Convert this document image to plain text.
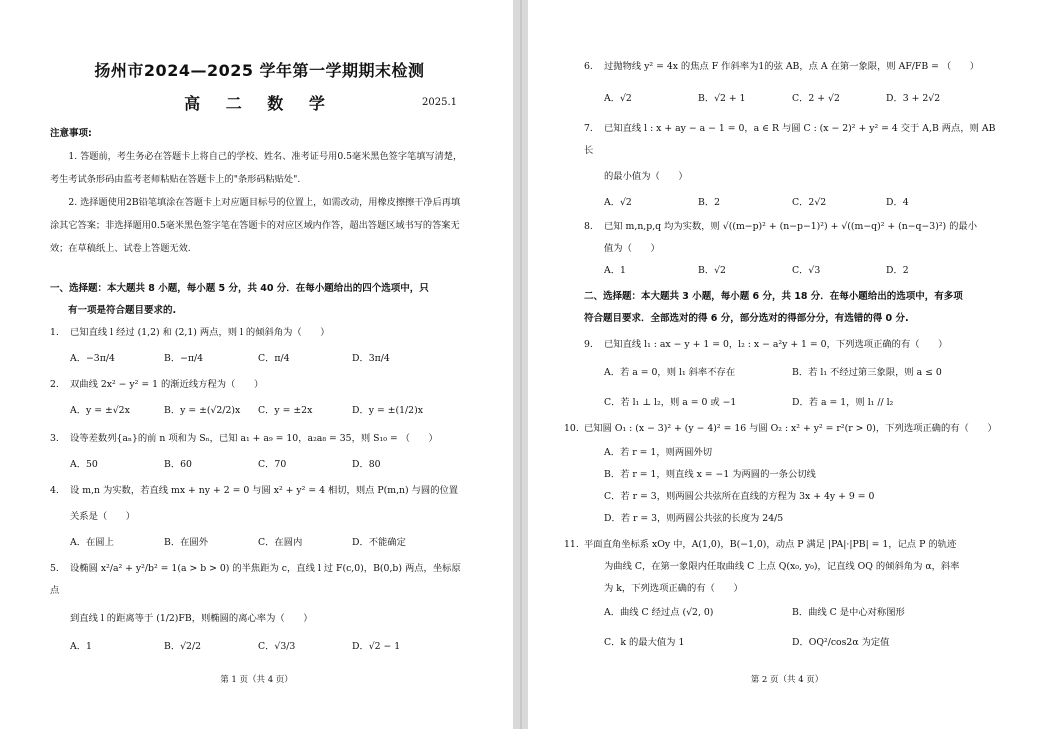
扬州市2024—2025 学年第一学期期末检测
高 二 数 学	2025.1
注意事项:

1. 答题前，考生务必在答题卡上将自己的学校、姓名、准考证号用0.5毫米黑色签字笔填写清楚，考生考试条形码由监考老师粘贴在答题卡上的"条形码粘贴处".

2. 选择题使用2B铅笔填涂在答题卡上对应题目标号的位置上，如需改动，用橡皮擦擦干净后再填涂其它答案；非选择题用0.5毫米黑色签字笔在答题卡的对应区域内作答，超出答题区域书写的答案无效；在草稿纸上、试卷上答题无效.

一、选择题：本大题共 8 小题，每小题 5 分，共 40 分．在每小题给出的四个选项中，只

有一项是符合题目要求的.

1. 已知直线 l 经过 (1,2) 和 (2,1) 两点，则 l 的倾斜角为（　　）

A．−3π/4	B．−π/4	C．π/4	D．3π/4

2. 双曲线 2x² − y² = 1 的渐近线方程为（　　）

A．y = ±√2x	B．y = ±(√2/2)x	C．y = ±2x	D．y = ±(1/2)x

3. 设等差数列{aₙ}的前 n 项和为 Sₙ，已知 a₁ + a₉ = 10，a₂a₈ = 35，则 S₁₀ = （　　）

A．50	B．60	C．70	D．80

4. 设 m,n 为实数，若直线 mx + ny + 2 = 0 与圆 x² + y² = 4 相切，则点 P(m,n) 与圆的位置

关系是（　　）

A．在圆上	B．在圆外	C．在圆内	D．不能确定

5. 设椭圆 x²/a² + y²/b² = 1(a > b > 0) 的半焦距为 c，直线 l 过 F(c,0)，B(0,b) 两点，坐标原点

到直线 l 的距离等于 (1/2)FB，则椭圆的离心率为（　　）

A．1	B．√2/2	C．√3/3	D．√2 − 1
第 1 页（共 4 页）

6. 过抛物线 y² = 4x 的焦点 F 作斜率为1的弦 AB，点 A 在第一象限，则 AF/FB = （　　）

A．√2	B．√2 + 1	C．2 + √2	D．3 + 2√2

7. 已知直线 l : x + ay − a − 1 = 0，a ∈ R 与圆 C : (x − 2)² + y² = 4 交于 A,B 两点，则 AB 长

的最小值为（　　）

A．√2	B．2	C．2√2	D．4

8. 已知 m,n,p,q 均为实数，则 √((m−p)² + (n−p−1)²) + √((m−q)² + (n−q−3)²) 的最小

值为（　　）

A．1	B．√2	C．√3	D．2

二、选择题：本大题共 3 小题，每小题 6 分，共 18 分．在每小题给出的选项中，有多项

符合题目要求．全部选对的得 6 分，部分选对的得部分分，有选错的得 0 分.

9. 已知直线 l₁ : ax − y + 1 = 0，l₂ : x − a²y + 1 = 0，下列选项正确的有（　　）

A．若 a = 0，则 l₁ 斜率不存在	B．若 l₁ 不经过第三象限，则 a ≤ 0
C．若 l₁ ⊥ l₂，则 a = 0 或 −1	D．若 a = 1，则 l₁ // l₂

10. 已知圆 O₁ : (x − 3)² + (y − 4)² = 16 与圆 O₂ : x² + y² = r²(r > 0)，下列选项正确的有（　　）

A．若 r = 1，则两圆外切
B．若 r = 1，则直线 x = −1 为两圆的一条公切线
C．若 r = 3，则两圆公共弦所在直线的方程为 3x + 4y + 9 = 0
D．若 r = 3，则两圆公共弦的长度为 24/5

11. 平面直角坐标系 xOy 中，A(1,0)，B(−1,0)，动点 P 满足 |PA|·|PB| = 1，记点 P 的轨迹

为曲线 C，在第一象限内任取曲线 C 上点 Q(x₀, y₀)，记直线 OQ 的倾斜角为 α，斜率

为 k，下列选项正确的有（　　）

A．曲线 C 经过点 (√2, 0)	B．曲线 C 是中心对称图形
C．k 的最大值为 1	D．OQ²/cos2α 为定值
第 2 页（共 4 页）
